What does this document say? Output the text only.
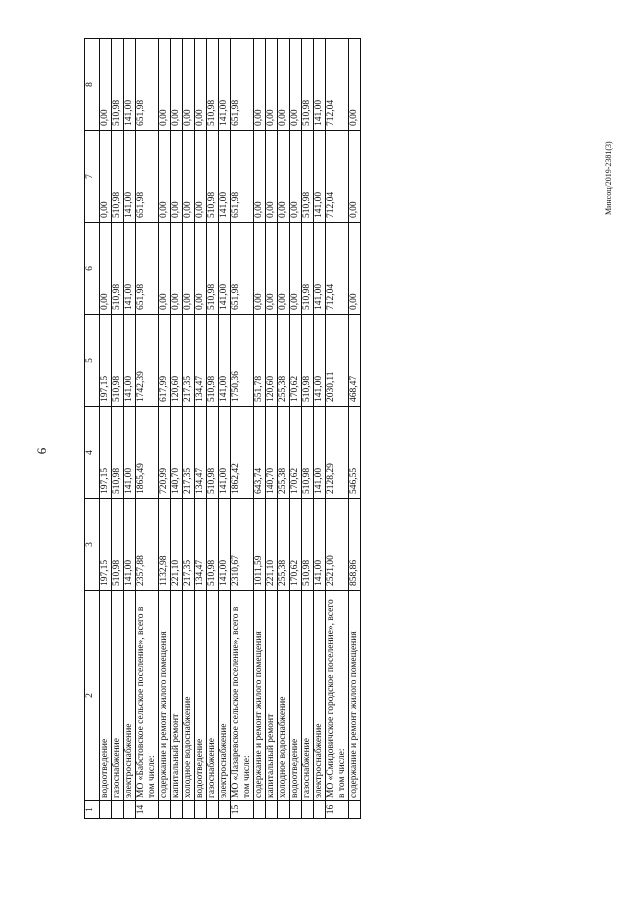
6
1	2	3	4	5	6	7	8
	водоотведение	197,15	197,15	197,15	0,00	0,00	0,00
	газоснабжение	510,98	510,98	510,98	510,98	510,98	510,98
	электроснабжение	141,00	141,00	141,00	141,00	141,00	141,00
14	МО «Бабстовское сельское поселение», всего в том числе:	2357,88	1865,49	1742,39	651,98	651,98	651,98
	содержание и ремонт жилого помещения	1132,98	720,99	617,99	0,00	0,00	0,00
	капитальный ремонт	221,10	140,70	120,60	0,00	0,00	0,00
	холодное водоснабжение	217,35	217,35	217,35	0,00	0,00	0,00
	водоотведение	134,47	134,47	134,47	0,00	0,00	0,00
	газоснабжение	510,98	510,98	510,98	510,98	510,98	510,98
	электроснабжение	141,00	141,00	141,00	141,00	141,00	141,00
15	МО «Лазаревское сельское поселение», всего в том числе:	2310,67	1862,42	1750,36	651,98	651,98	651,98
	содержание и ремонт жилого помещения	1011,59	643,74	551,78	0,00	0,00	0,00
	капитальный ремонт	221,10	140,70	120,60	0,00	0,00	0,00
	холодное водоснабжение	255,38	255,38	255,38	0,00	0,00	0,00
	водоотведение	170,62	170,62	170,62	0,00	0,00	0,00
	газоснабжение	510,98	510,98	510,98	510,98	510,98	510,98
	электроснабжение	141,00	141,00	141,00	141,00	141,00	141,00
16	МО «Смидовичское городское поселение», всего в том числе:	2521,00	2128,29	2030,11	712,04	712,04	712,04
	содержание и ремонт жилого помещения	858,86	546,55	468,47	0,00	0,00	0,00
Минсоц/2019-2381(3)
